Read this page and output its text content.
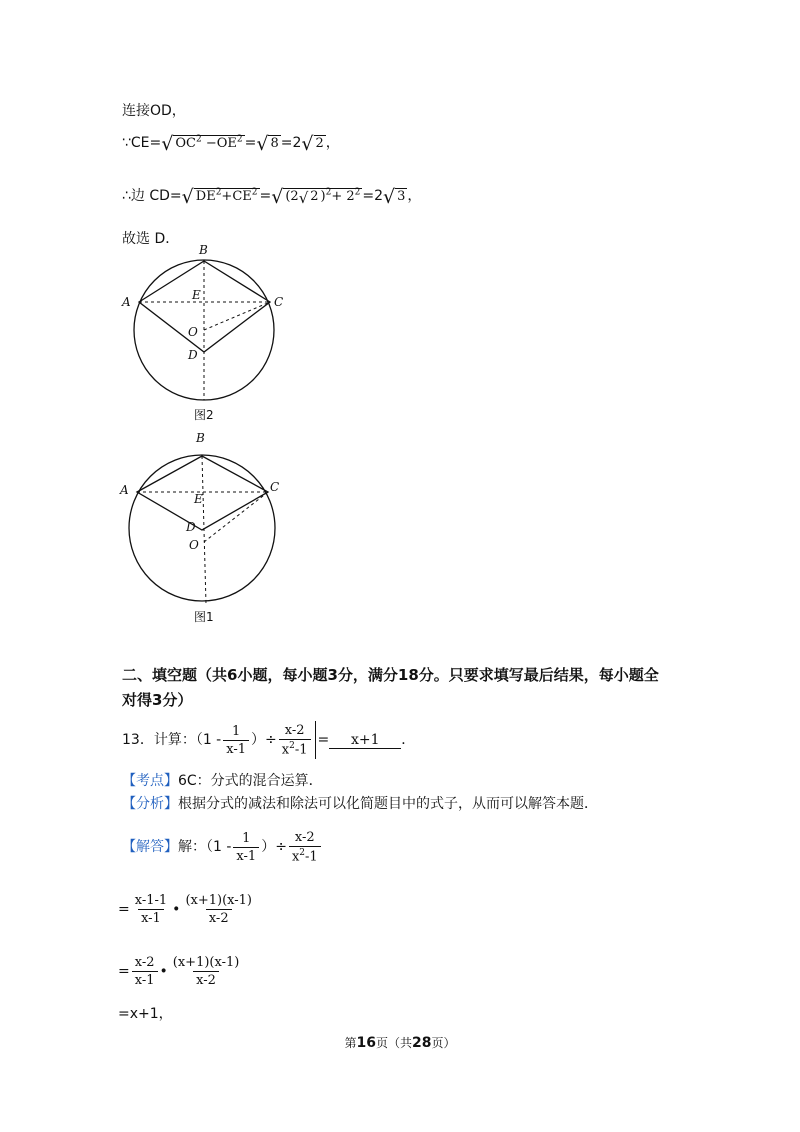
连接OD，
∵CE=√ $OC^2 -OE^2$ =√ 8 =2√ 2 ，
∴边 CD=√ $DE^2+CE^2$ =√ (2√ 2 )$^2+ 2^2 =2√$ 3 ，
故选 D．
B
A	C
E
O
D
图2
B
A	C
E
D
O
图1
二、填空题（共6小题，每小题3分，满分18分。只要求填写最后结果，每小题全
对得3分）
13．计算：（$1 - \frac{1}{x-1}$ ）÷ $\frac{x-2}{x^2-1} = x+1$ ．
【考点】6C：分式的混合运算．
【分析】根据分式的减法和除法可以化简题目中的式子，从而可以解答本题．
【解答】解：（$1 - \frac{1}{x-1}$ ）÷ $\frac{x-2}{x^2-1}$
= $\frac{x-1-1}{x-1}$ • $\frac{(x+1)(x-1)}{x-2}$
= $\frac{x-2}{x-1}$ • $\frac{(x+1)(x-1)}{x-2}$
=x+1，
第16页（共28页）
